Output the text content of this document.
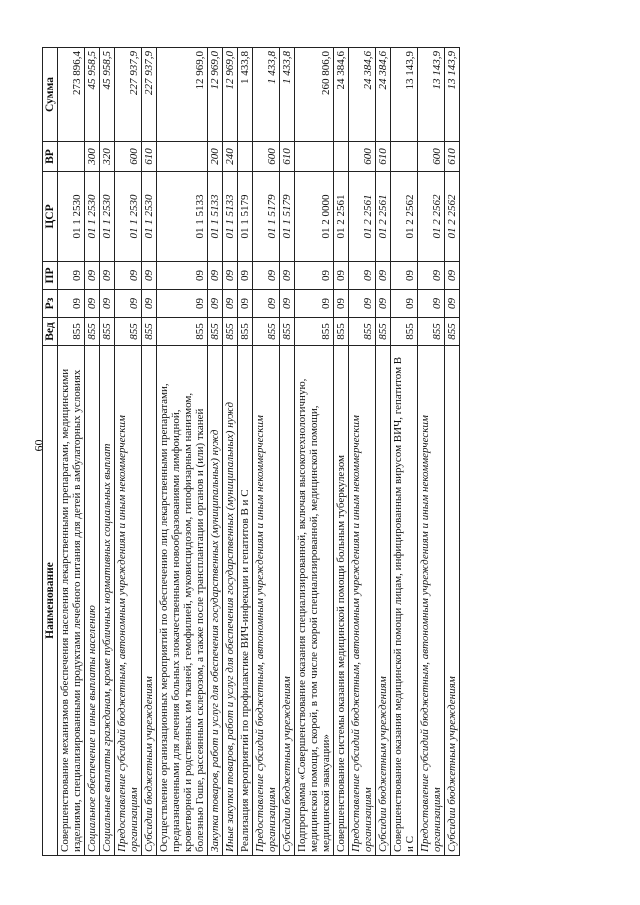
60
Наименование	Вед	Рз	ПР	ЦСР	ВР	Сумма
Совершенствование механизмов обеспечения населения лекарственными препаратами, медицинскими изделиями, специализированными продуктами лечебного питания для детей в амбулаторных условиях	855	09	09	01 1 2530		273 896,4
Социальное обеспечение и иные выплаты населению	855	09	09	01 1 2530	300	45 958,5
Социальные выплаты гражданам, кроме публичных нормативных социальных выплат	855	09	09	01 1 2530	320	45 958,5
Предоставление субсидий бюджетным, автономным учреждениям и иным некоммерческим организациям	855	09	09	01 1 2530	600	227 937,9
Субсидии бюджетным учреждениям	855	09	09	01 1 2530	610	227 937,9
Осуществление организационных мероприятий по обеспечению лиц лекарственными препаратами, предназначенными для лечения больных злокачественными новообразованиями лимфоидной, кроветворной и родственных им тканей, гемофилией, муковисцидозом, гипофизарным нанизмом, болезнью Гоше, рассеянным склерозом, а также после трансплантации органов и (или) тканей	855	09	09	01 1 5133		12 969,0
Закупка товаров, работ и услуг для обеспечения государственных (муниципальных) нужд	855	09	09	01 1 5133	200	12 969,0
Иные закупки товаров, работ и услуг для обеспечения государственных (муниципальных) нужд	855	09	09	01 1 5133	240	12 969,0
Реализация мероприятий по профилактике ВИЧ-инфекции и гепатитов В и С	855	09	09	01 1 5179		1 433,8
Предоставление субсидий бюджетным, автономным учреждениям и иным некоммерческим организациям	855	09	09	01 1 5179	600	1 433,8
Субсидии бюджетным учреждениям	855	09	09	01 1 5179	610	1 433,8
Подпрограмма «Совершенствование оказания специализированной, включая высокотехнологичную, медицинской помощи, скорой, в том числе скорой специализированной, медицинской помощи, медицинской эвакуации»	855	09	09	01 2 0000		260 806,0
Совершенствование системы оказания медицинской помощи больным туберкулезом	855	09	09	01 2 2561		24 384,6
Предоставление субсидий бюджетным, автономным учреждениям и иным некоммерческим организациям	855	09	09	01 2 2561	600	24 384,6
Субсидии бюджетным учреждениям	855	09	09	01 2 2561	610	24 384,6
Совершенствование оказания медицинской помощи лицам, инфицированным вирусом ВИЧ, гепатитом В и С	855	09	09	01 2 2562		13 143,9
Предоставление субсидий бюджетным, автономным учреждениям и иным некоммерческим организациям	855	09	09	01 2 2562	600	13 143,9
Субсидии бюджетным учреждениям	855	09	09	01 2 2562	610	13 143,9
